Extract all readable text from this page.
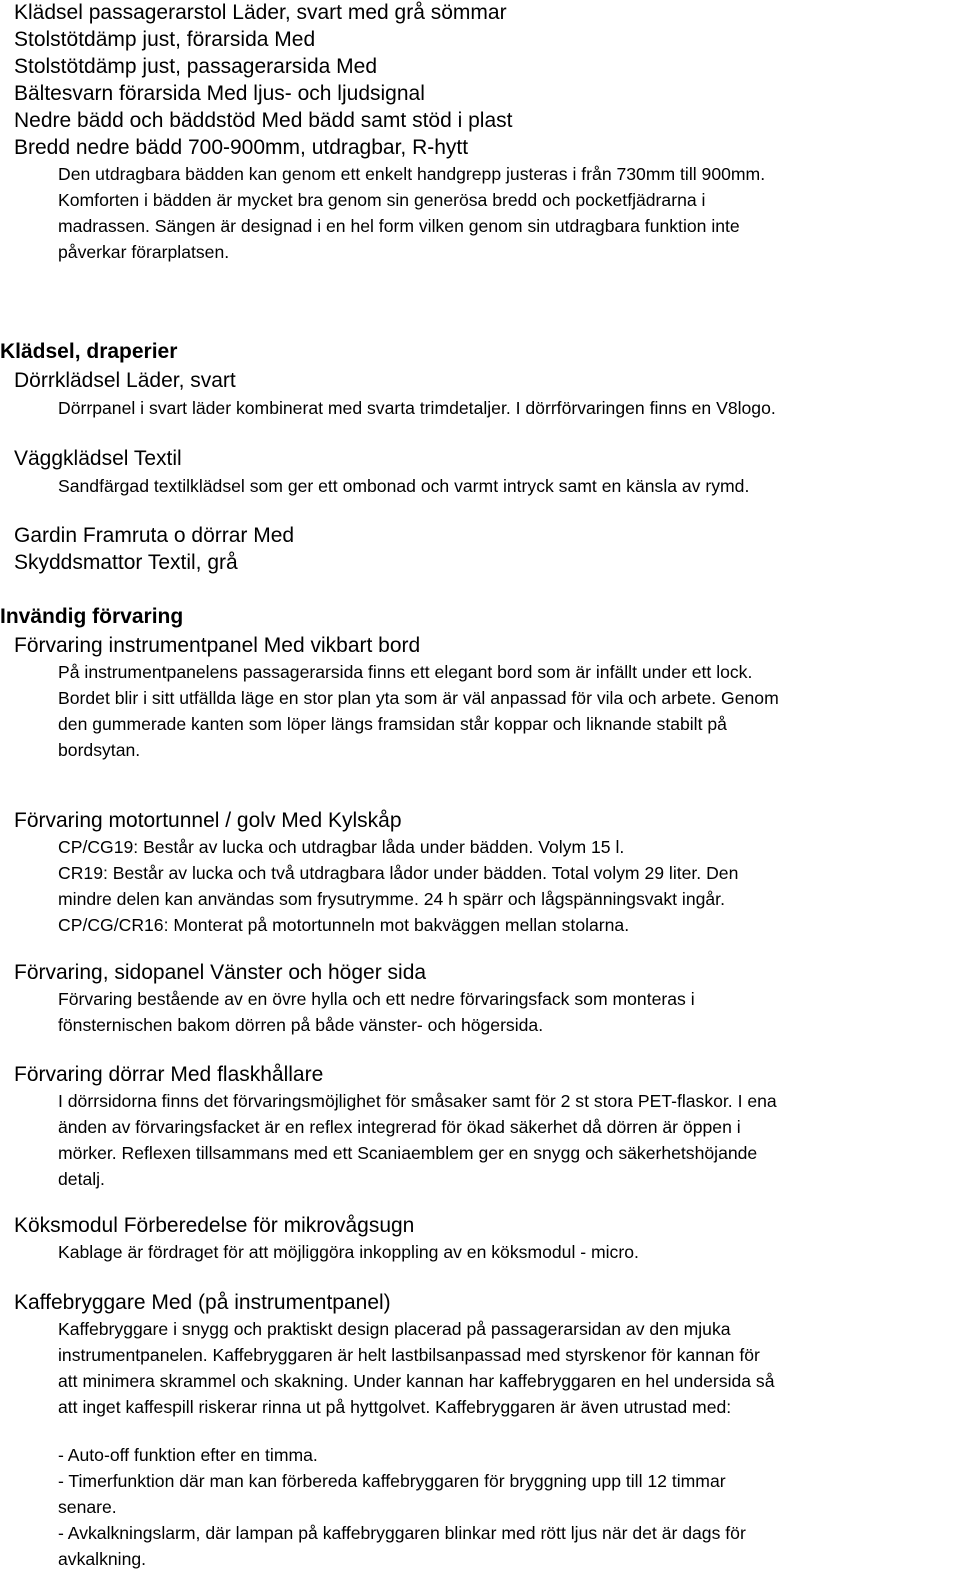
Klädsel passagerarstol Läder, svart med grå sömmar
Stolstötdämp just, förarsida Med
Stolstötdämp just, passagerarsida Med
Bältesvarn förarsida Med ljus- och ljudsignal
Nedre bädd och bäddstöd Med bädd samt stöd i plast
Bredd nedre bädd 700-900mm, utdragbar, R-hytt
Den utdragbara bädden kan genom ett enkelt handgrepp justeras i från 730mm till 900mm.
Komforten i bädden är mycket bra genom sin generösa bredd och pocketfjädrarna i
madrassen. Sängen är designad i en hel form vilken genom sin utdragbara funktion inte
påverkar förarplatsen.
Klädsel, draperier
Dörrklädsel Läder, svart
Dörrpanel i svart läder kombinerat med svarta trimdetaljer. I dörrförvaringen finns en V8logo.
Väggklädsel Textil
Sandfärgad textilklädsel som ger ett ombonad och varmt intryck samt en känsla av rymd.
Gardin Framruta o dörrar Med
Skyddsmattor Textil, grå
Invändig förvaring
Förvaring instrumentpanel Med vikbart bord
På instrumentpanelens passagerarsida finns ett elegant bord som är infällt under ett lock.
Bordet blir i sitt utfällda läge en stor plan yta som är väl anpassad för vila och arbete. Genom
den gummerade kanten som löper längs framsidan står koppar och liknande stabilt på
bordsytan.
Förvaring motortunnel / golv Med Kylskåp
CP/CG19: Består av lucka och utdragbar låda under bädden. Volym 15 l.
CR19: Består av lucka och två utdragbara lådor under bädden. Total volym 29 liter. Den
mindre delen kan användas som frysutrymme. 24 h spärr och lågspänningsvakt ingår.
CP/CG/CR16: Monterat på motortunneln mot bakväggen mellan stolarna.
Förvaring, sidopanel Vänster och höger sida
Förvaring bestående av en övre hylla och ett nedre förvaringsfack som monteras i
fönsternischen bakom dörren på både vänster- och högersida.
Förvaring dörrar Med flaskhållare
I dörrsidorna finns det förvaringsmöjlighet för småsaker samt för 2 st stora PET-flaskor. I ena
änden av förvaringsfacket är en reflex integrerad för ökad säkerhet då dörren är öppen i
mörker. Reflexen tillsammans med ett Scaniaemblem ger en snygg och säkerhetshöjande
detalj.
Köksmodul Förberedelse för mikrovågsugn
Kablage är fördraget för att möjliggöra inkoppling av en köksmodul - micro.
Kaffebryggare Med (på instrumentpanel)
Kaffebryggare i snygg och praktiskt design placerad på passagerarsidan av den mjuka
instrumentpanelen. Kaffebryggaren är helt lastbilsanpassad med styrskenor för kannan för
att minimera skrammel och skakning. Under kannan har kaffebryggaren en hel undersida så
att inget kaffespill riskerar rinna ut på hyttgolvet. Kaffebryggaren är även utrustad med:
- Auto-off funktion efter en timma.
- Timerfunktion där man kan förbereda kaffebryggaren för bryggning upp till 12 timmar
senare.
- Avkalkningslarm, där lampan på kaffebryggaren blinkar med rött ljus när det är dags för
avkalkning.
